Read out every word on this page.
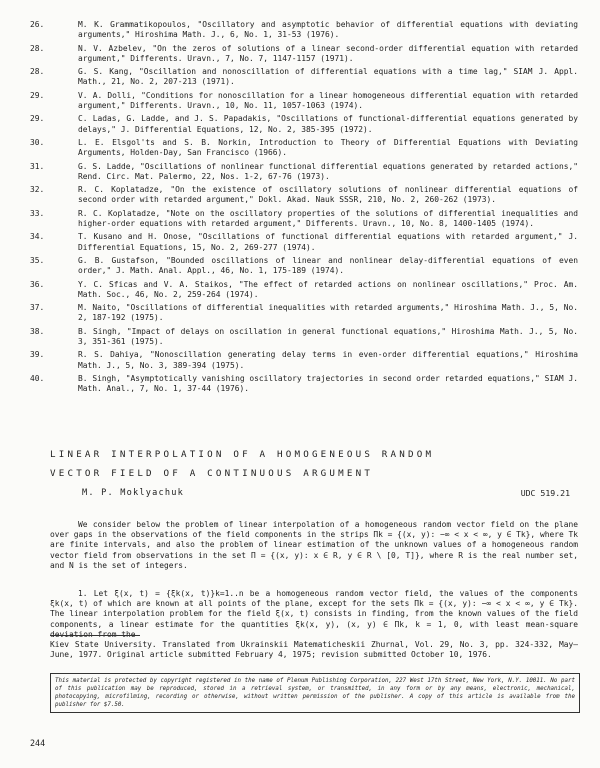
26.	M. K. Grammatikopoulos, "Oscillatory and asymptotic behavior of differential equations with deviating arguments," Hiroshima Math. J., 6, No. 1, 31-53 (1976).
28.	N. V. Azbelev, "On the zeros of solutions of a linear second-order differential equation with retarded argument," Differents. Uravn., 7, No. 7, 1147-1157 (1971).
28.	G. S. Kang, "Oscillation and nonoscillation of differential equations with a time lag," SIAM J. Appl. Math., 21, No. 2, 207-213 (1971).
29.	V. A. Dolli, "Conditions for nonoscillation for a linear homogeneous differential equation with retarded argument," Differents. Uravn., 10, No. 11, 1057-1063 (1974).
29.	C. Ladas, G. Ladde, and J. S. Papadakis, "Oscillations of functional-differential equations generated by delays," J. Differential Equations, 12, No. 2, 385-395 (1972).
30.	L. E. Elsgol'ts and S. B. Norkin, Introduction to Theory of Differential Equations with Deviating Arguments, Holden-Day, San Francisco (1966).
31.	G. S. Ladde, "Oscillations of nonlinear functional differential equations generated by retarded actions," Rend. Circ. Mat. Palermo, 22, Nos. 1-2, 67-76 (1973).
32.	R. C. Koplatadze, "On the existence of oscillatory solutions of nonlinear differential equations of second order with retarded argument," Dokl. Akad. Nauk SSSR, 210, No. 2, 260-262 (1973).
33.	R. C. Koplatadze, "Note on the oscillatory properties of the solutions of differential inequalities and higher-order equations with retarded argument," Differents. Uravn., 10, No. 8, 1400-1405 (1974).
34.	T. Kusano and H. Onose, "Oscillations of functional differential equations with retarded argument," J. Differential Equations, 15, No. 2, 269-277 (1974).
35.	G. B. Gustafson, "Bounded oscillations of linear and nonlinear delay-differential equations of even order," J. Math. Anal. Appl., 46, No. 1, 175-189 (1974).
36.	Y. C. Sficas and V. A. Staikos, "The effect of retarded actions on nonlinear oscillations," Proc. Am. Math. Soc., 46, No. 2, 259-264 (1974).
37.	M. Naito, "Oscillations of differential inequalities with retarded arguments," Hiroshima Math. J., 5, No. 2, 187-192 (1975).
38.	B. Singh, "Impact of delays on oscillation in general functional equations," Hiroshima Math. J., 5, No. 3, 351-361 (1975).
39.	R. S. Dahiya, "Nonoscillation generating delay terms in even-order differential equations," Hiroshima Math. J., 5, No. 3, 389-394 (1975).
40.	B. Singh, "Asymptotically vanishing oscillatory trajectories in second order retarded equations," SIAM J. Math. Anal., 7, No. 1, 37-44 (1976).
LINEAR INTERPOLATION OF A HOMOGENEOUS RANDOM
VECTOR FIELD OF A CONTINUOUS ARGUMENT
M. P. Moklyachuk	UDC 519.21
We consider below the problem of linear interpolation of a homogeneous random vector field on the plane over gaps in the observations of the field components in the strips Πk = {(x, y): −∞ < x < ∞, y ∈ Tk}, where Tk are finite intervals, and also the problem of linear estimation of the unknown values of a homogeneous random vector field from observations in the set Π = {(x, y): x ∈ R, y ∈ R \ [0, T]}, where R is the real number set, and N is the set of integers.
1. Let ξ(x, t) = {ξk(x, t)}k=1..n be a homogeneous random vector field, the values of the components ξk(x, t) of which are known at all points of the plane, except for the sets Πk = {(x, y): −∞ < x < ∞, y ∈ Tk}. The linear interpolation problem for the field ξ(x, t) consists in finding, from the known values of the field components, a linear estimate for the quantities ξk(x, y), (x, y) ∈ Πk, k = 1, 0, with least mean-square deviation from the
Kiev State University. Translated from Ukrainskii Matematicheskii Zhurnal, Vol. 29, No. 3, pp. 324-332, May–June, 1977. Original article submitted February 4, 1975; revision submitted October 10, 1976.
This material is protected by copyright registered in the name of Plenum Publishing Corporation, 227 West 17th Street, New York, N.Y. 10011. No part of this publication may be reproduced, stored in a retrieval system, or transmitted, in any form or by any means, electronic, mechanical, photocopying, microfilming, recording or otherwise, without written permission of the publisher. A copy of this article is available from the publisher for $7.50.
244
